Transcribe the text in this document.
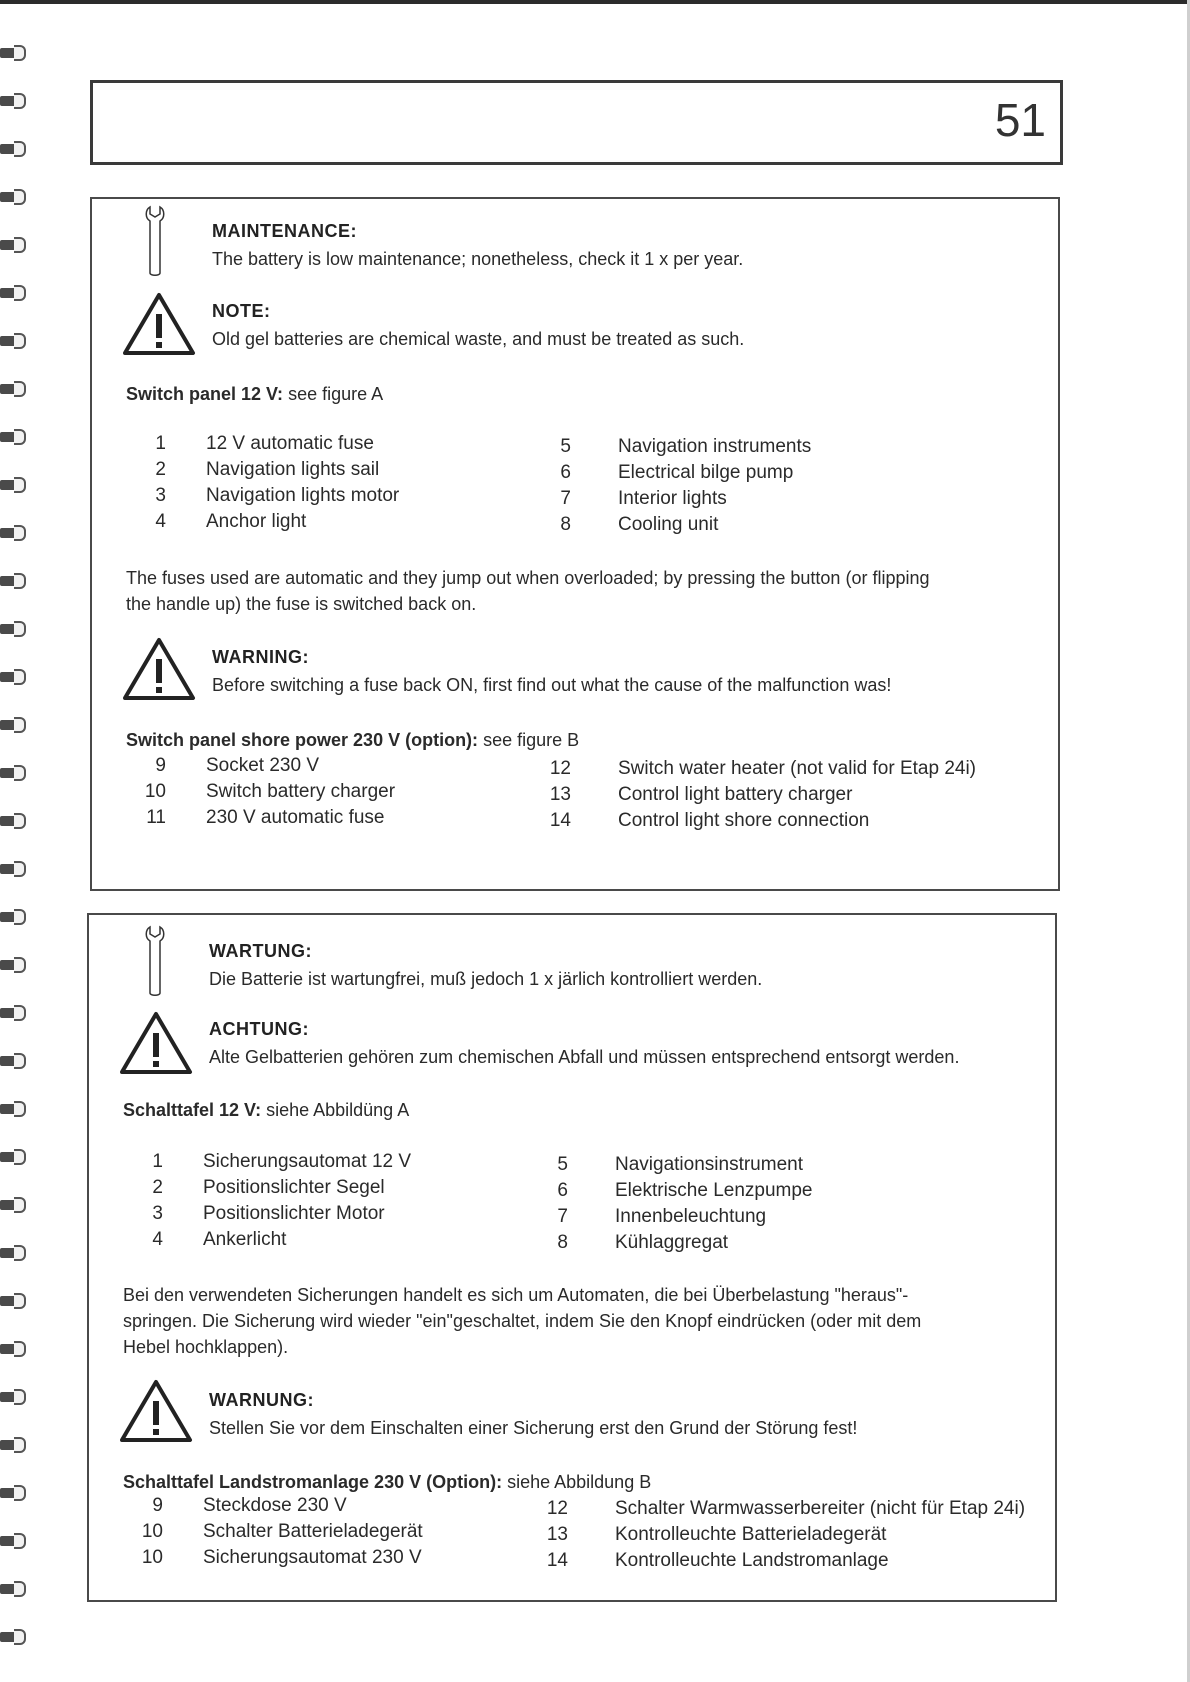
51
MAINTENANCE:
The battery is low maintenance; nonetheless, check it 1 x per year.
NOTE:
Old gel batteries are chemical waste, and must be treated as such.
Switch panel 12 V: see figure A
1 12 V automatic fuse
2 Navigation lights sail
3 Navigation lights motor
4 Anchor light
5 Navigation instruments
6 Electrical bilge pump
7 Interior lights
8 Cooling unit
The fuses used are automatic and they jump out when overloaded; by pressing the button (or flipping
the handle up) the fuse is switched back on.
WARNING:
Before switching a fuse back ON, first find out what the cause of the malfunction was!
Switch panel shore power 230 V (option): see figure B
9 Socket 230 V
10 Switch battery charger
11 230 V automatic fuse
12 Switch water heater (not valid for Etap 24i)
13 Control light battery charger
14 Control light shore connection
WARTUNG:
Die Batterie ist wartungfrei, muß jedoch 1 x järlich kontrolliert werden.
ACHTUNG:
Alte Gelbatterien gehören zum chemischen Abfall und müssen entsprechend entsorgt werden.
Schalttafel 12 V: siehe Abbildüng A
1 Sicherungsautomat 12 V
2 Positionslichter Segel
3 Positionslichter Motor
4 Ankerlicht
5 Navigationsinstrument
6 Elektrische Lenzpumpe
7 Innenbeleuchtung
8 Kühlaggregat
Bei den verwendeten Sicherungen handelt es sich um Automaten, die bei Überbelastung "heraus"-
springen. Die Sicherung wird wieder "ein"geschaltet, indem Sie den Knopf eindrücken (oder mit dem
Hebel hochklappen).
WARNUNG:
Stellen Sie vor dem Einschalten einer Sicherung erst den Grund der Störung fest!
Schalttafel Landstromanlage 230 V (Option): siehe Abbildung B
9 Steckdose 230 V
10 Schalter Batterieladegerät
10 Sicherungsautomat 230 V
12 Schalter Warmwasserbereiter (nicht für Etap 24i)
13 Kontrolleuchte Batterieladegerät
14 Kontrolleuchte Landstromanlage
